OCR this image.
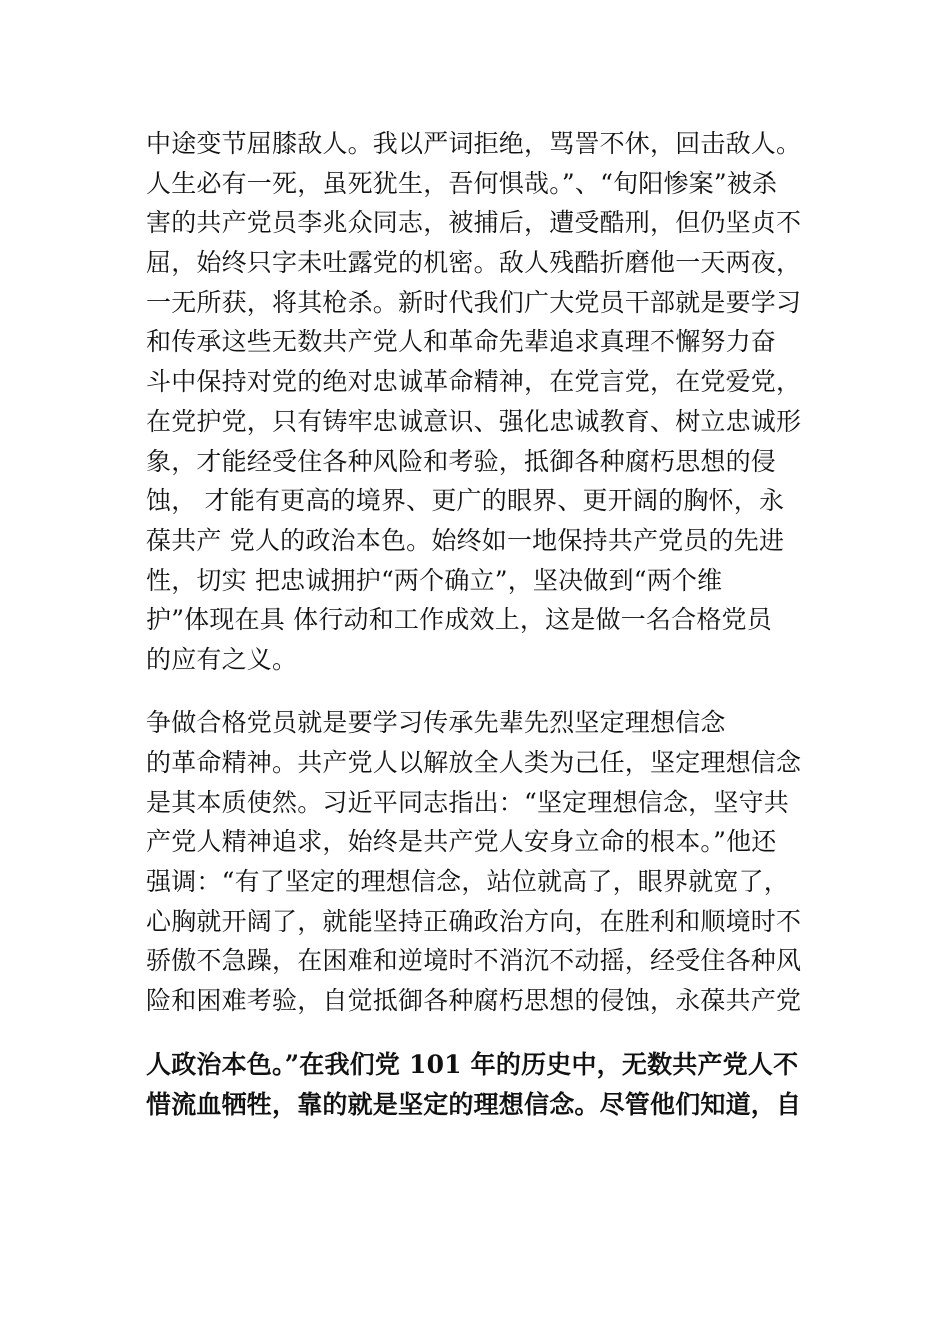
中途变节屈膝敌人。我以严词拒绝，骂詈不休，回击敌人。
人生必有一死，虽死犹生，吾何惧哉。”、“旬阳惨案”被杀
害的共产党员李兆众同志，被捕后，遭受酷刑，但仍坚贞不
屈，始终只字未吐露党的机密。敌人残酷折磨他一天两夜，
一无所获，将其枪杀。新时代我们广大党员干部就是要学习
和传承这些无数共产党人和革命先辈追求真理不懈努力奋
斗中保持对党的绝对忠诚革命精神，在党言党，在党爱党，
在党护党，只有铸牢忠诚意识、强化忠诚教育、树立忠诚形
象，才能经受住各种风险和考验，抵御各种腐朽思想的侵
蚀， 才能有更高的境界、更广的眼界、更开阔的胸怀，永
葆共产 党人的政治本色。始终如一地保持共产党员的先进
性，切实 把忠诚拥护“两个确立”，坚决做到“两个维
护”体现在具 体行动和工作成效上，这是做一名合格党员
的应有之义。
争做合格党员就是要学习传承先辈先烈坚定理想信念
的革命精神。共产党人以解放全人类为己任，坚定理想信念
是其本质使然。习近平同志指出：“坚定理想信念，坚守共
产党人精神追求，始终是共产党人安身立命的根本。”他还
强调：“有了坚定的理想信念，站位就高了，眼界就宽了，
心胸就开阔了，就能坚持正确政治方向，在胜利和顺境时不
骄傲不急躁，在困难和逆境时不消沉不动摇，经受住各种风
险和困难考验，自觉抵御各种腐朽思想的侵蚀，永葆共产党
人政治本色。”在我们党 101 年的历史中，无数共产党人不
惜流血牺牲，靠的就是坚定的理想信念。尽管他们知道，自
